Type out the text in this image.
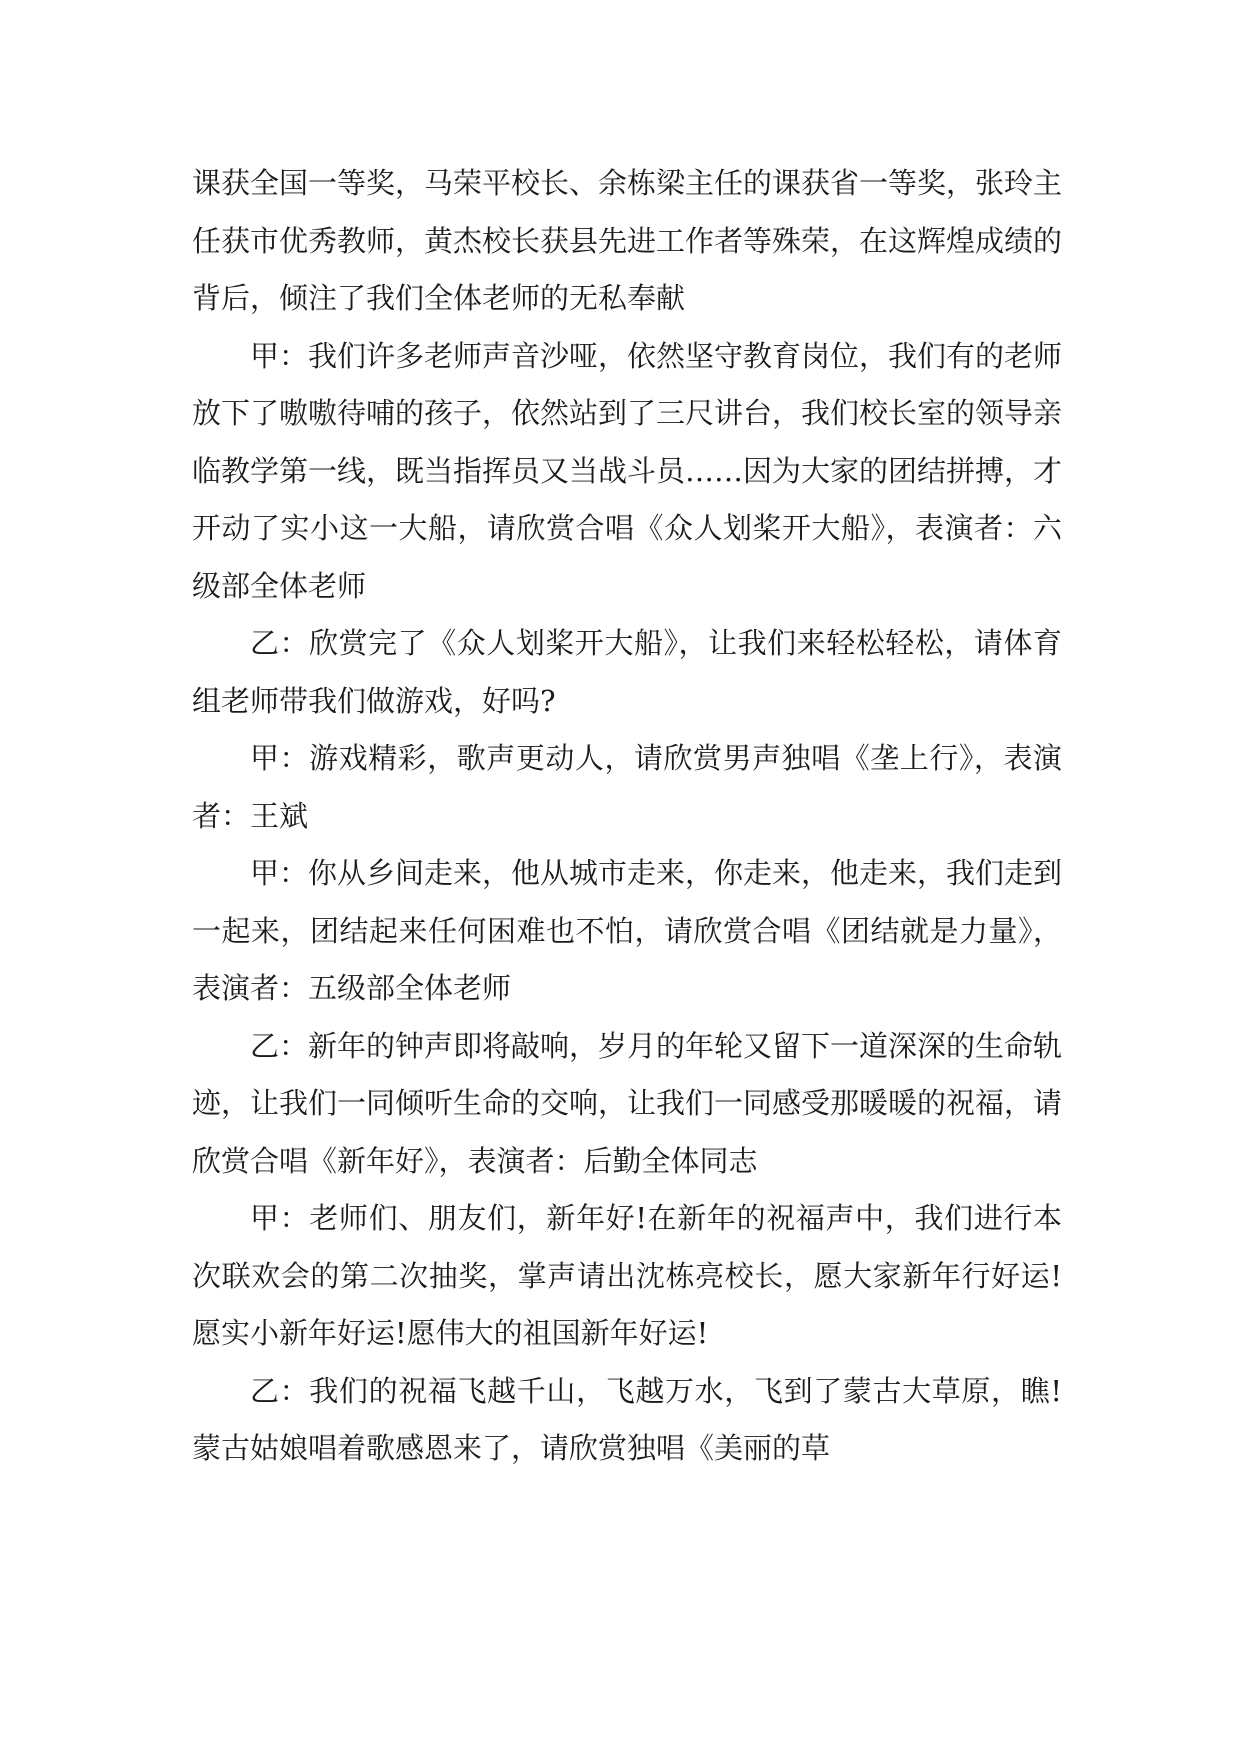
课获全国一等奖，马荣平校长、余栋梁主任的课获省一等奖，张玲主任获市优秀教师，黄杰校长获县先进工作者等殊荣，在这辉煌成绩的背后，倾注了我们全体老师的无私奉献

甲：我们许多老师声音沙哑，依然坚守教育岗位，我们有的老师放下了嗷嗷待哺的孩子，依然站到了三尺讲台，我们校长室的领导亲临教学第一线，既当指挥员又当战斗员……因为大家的团结拼搏，才开动了实小这一大船，请欣赏合唱《众人划桨开大船》，表演者：六级部全体老师

乙：欣赏完了《众人划桨开大船》，让我们来轻松轻松，请体育组老师带我们做游戏，好吗?

甲：游戏精彩，歌声更动人，请欣赏男声独唱《垄上行》，表演者：王斌

甲：你从乡间走来，他从城市走来，你走来，他走来，我们走到一起来，团结起来任何困难也不怕，请欣赏合唱《团结就是力量》，表演者：五级部全体老师

乙：新年的钟声即将敲响，岁月的年轮又留下一道深深的生命轨迹，让我们一同倾听生命的交响，让我们一同感受那暖暖的祝福，请欣赏合唱《新年好》，表演者：后勤全体同志

甲：老师们、朋友们，新年好!在新年的祝福声中，我们进行本次联欢会的第二次抽奖，掌声请出沈栋亮校长，愿大家新年行好运!愿实小新年好运!愿伟大的祖国新年好运!

乙：我们的祝福飞越千山，飞越万水，飞到了蒙古大草原，瞧!蒙古姑娘唱着歌感恩来了，请欣赏独唱《美丽的草
